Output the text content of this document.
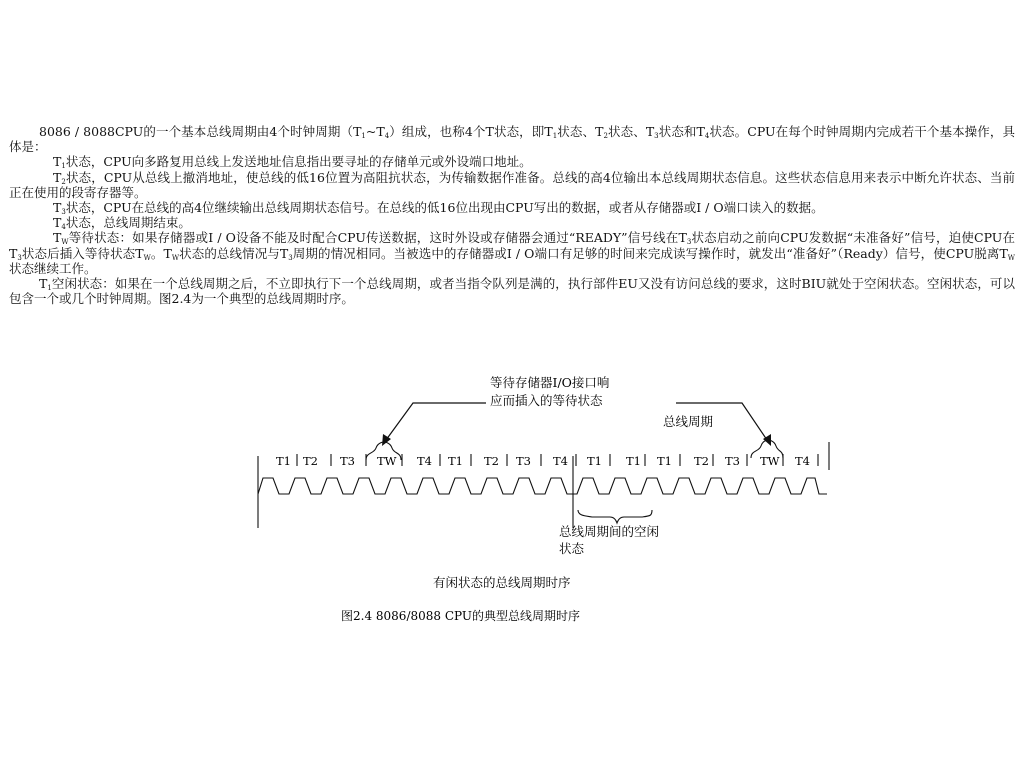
8086 / 8088CPU的一个基本总线周期由4个时钟周期$(T_1\sim T_4)$组成，也称4个T状态，即$T_1$状态、$T_2$状态、$T_3$状态和$T_4$状态。CPU在每个时钟周期内完成若干个基本操作，具体是：

$T_1$状态，CPU向多路复用总线上发送地址信息指出要寻址的存储单元或外设端口地址。

$T_2$状态，CPU从总线上撤消地址，使总线的低16位置为高阻抗状态，为传输数据作准备。总线的高4位输出本总线周期状态信息。这些状态信息用来表示中断允许状态、当前正在使用的段寄存器等。

$T_3$状态，CPU在总线的高4位继续输出总线周期状态信号。在总线的低16位出现由CPU写出的数据，或者从存储器或I / O端口读入的数据。

$T_4$状态，总线周期结束。

$T_W$等待状态：如果存储器或I / O设备不能及时配合CPU传送数据，这时外设或存储器会通过“READY”信号线在$T_3$状态启动之前向CPU发数据“未准备好”信号，迫使CPU在$T_3$状态后插入等待状态$T_W$。$T_W$状态的总线情况与$T_3$周期的情况相同。当被选中的存储器或I / O端口有足够的时间来完成读写操作时，就发出“准备好”（Ready）信号，使CPU脱离$T_W$状态继续工作。

$T_1$空闲状态：如果在一个总线周期之后，不立即执行下一个总线周期，或者当指令队列是满的，执行部件EU又没有访问总线的要求，这时BIU就处于空闲状态。空闲状态，可以包含一个或几个时钟周期。图2.4为一个典型的总线周期时序。

等待存储器I/O接口响
应而插入的等待状态
总线周期
T1 T2 T3 TW T4 T1 T2 T3 T4 T1 T1 T1 T2 T3 TW T4
总线周期间的空闲
状态
有闲状态的总线周期时序
图2.4 8086/8088 CPU的典型总线周期时序
